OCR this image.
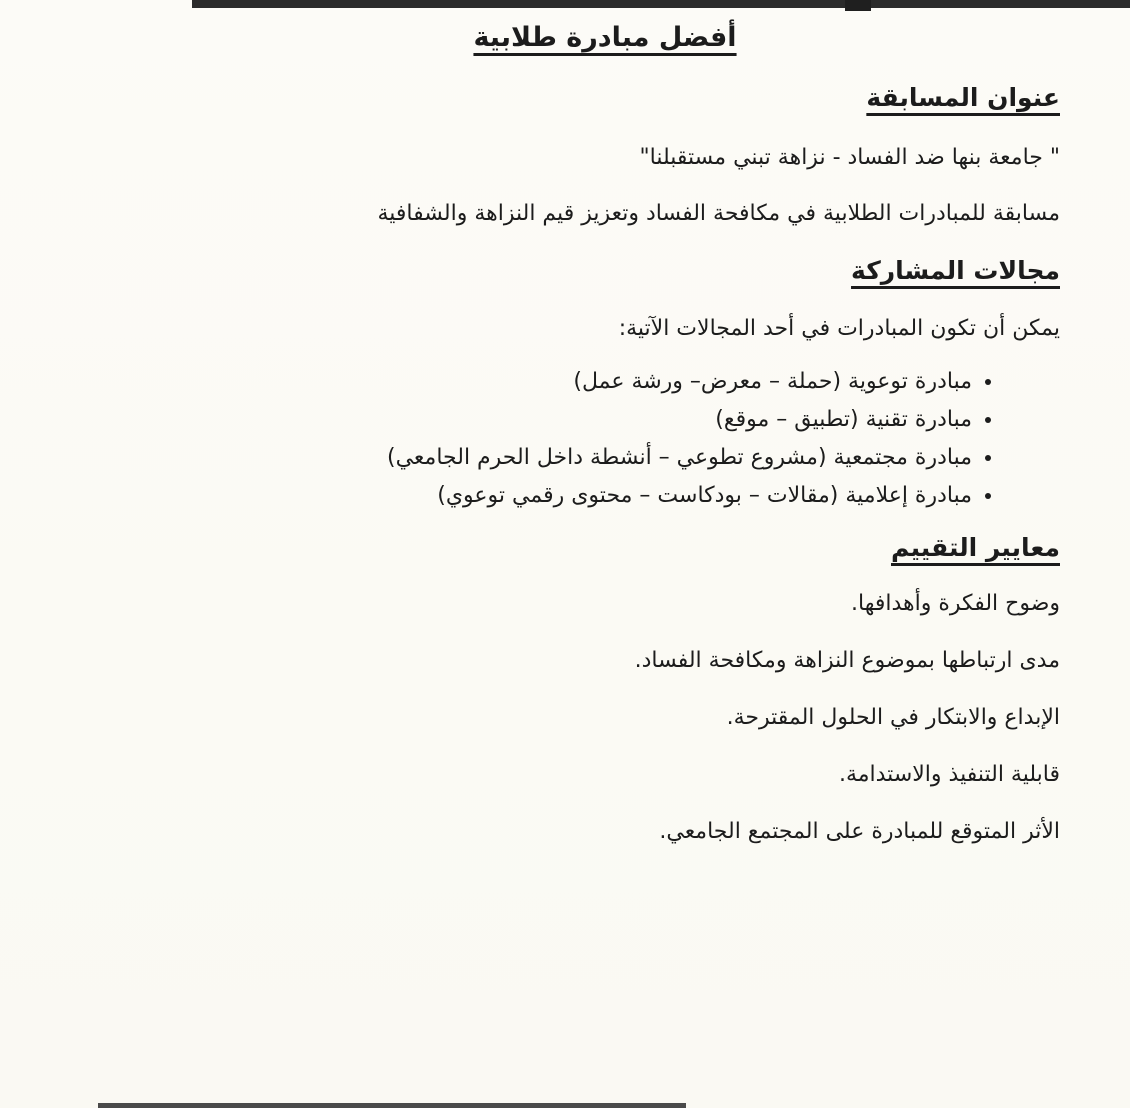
أفضل مبادرة طلابية
عنوان المسابقة

" جامعة بنها ضد الفساد - نزاهة تبني مستقبلنا"

مسابقة للمبادرات الطلابية في مكافحة الفساد وتعزيز قيم النزاهة والشفافية

مجالات المشاركة

يمكن أن تكون المبادرات في أحد المجالات الآتية:

• مبادرة توعوية (حملة – معرض– ورشة عمل)
• مبادرة تقنية (تطبيق – موقع)
• مبادرة مجتمعية (مشروع تطوعي – أنشطة داخل الحرم الجامعي)
• مبادرة إعلامية (مقالات – بودكاست – محتوى رقمي توعوي)
معايير التقييم

وضوح الفكرة وأهدافها.

مدى ارتباطها بموضوع النزاهة ومكافحة الفساد.

الإبداع والابتكار في الحلول المقترحة.

قابلية التنفيذ والاستدامة.

الأثر المتوقع للمبادرة على المجتمع الجامعي.
